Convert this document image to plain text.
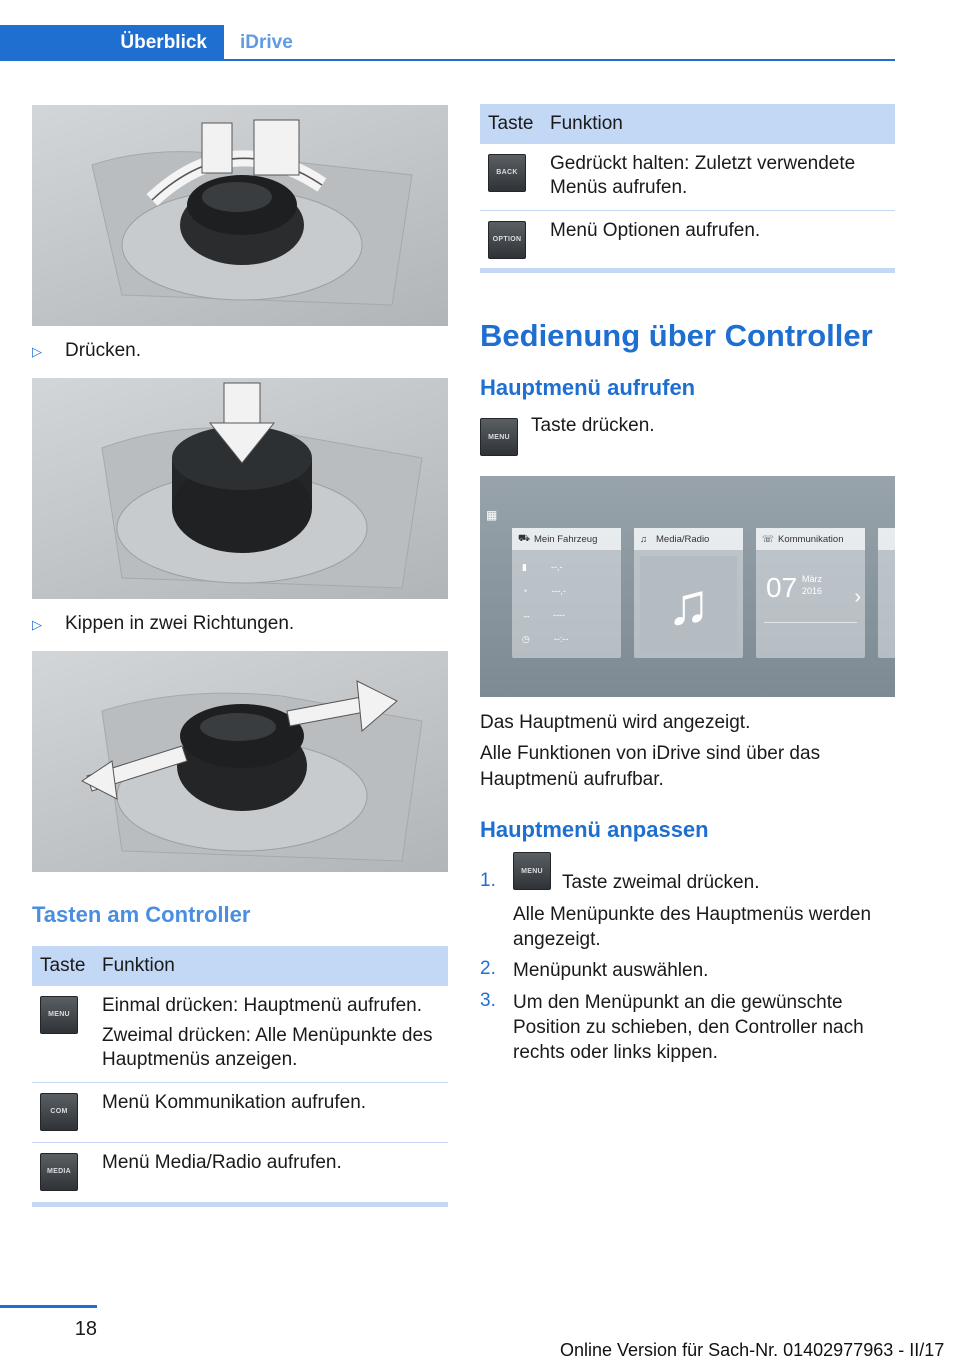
Überblick	iDrive
▷	Drücken.
▷	Kippen in zwei Richtungen.
Tasten am Controller
Taste	Funktion

MENU	Einmal drücken: Hauptmenü aufrufen.
Zweimal drücken: Alle Menüpunkte des Hauptmenüs anzeigen.

COM	Menü Kommunikation aufrufen.

MEDIA	Menü Media/Radio aufrufen.
Taste	Funktion

BACK	Gedrückt halten: Zuletzt verwendete Menüs aufrufen.

OPTION	Menü Optionen aufrufen.
Bedienung über Controller
Hauptmenü aufrufen
MENU
Taste drücken.
▦
⛟ Mein Fahrzeug
▮	--,-
◔	---,-
↔ ----
◷	--:--
♫ Media/Radio
♫
☏ Kommunikation
07 März
2016 ›
Das Hauptmenü wird angezeigt.
Alle Funktionen von iDrive sind über das Hauptmenü aufrufbar.
Hauptmenü anpassen
1.	MENU
Taste zweimal drücken.
Alle Menüpunkte des Hauptmenüs werden angezeigt.
2. Menüpunkt auswählen.
3. Um den Menüpunkt an die gewünschte Position zu schieben, den Controller nach rechts oder links kippen.
18
Online Version für Sach-Nr. 01402977963 - II/17
